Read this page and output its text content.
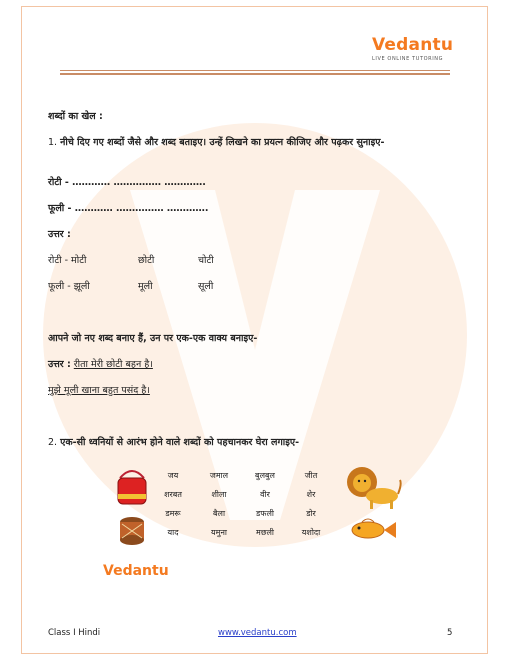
Vedantu
LIVE ONLINE TUTORING
शब्दों का खेल :
1. नीचे दिए गए शब्दों जैसे और शब्द बताइए। उन्हें लिखने का प्रयत्न कीजिए और पढ़कर सुनाइए-
रोटी - ………… …………… ………….
फूली - ………… …………… ………….
उत्तर :
रोटी - मोटी	छोटी	चोटी
फूली - झूली	मूली	सूली
आपने जो नए शब्द बनाए हैं, उन पर एक-एक वाक्य बनाइए-
उत्तर : रीता मेरी छोटी बहन है।
मुझे मूली खाना बहुत पसंद है।
2. एक-सी ध्वनियों से आरंभ होने वाले शब्दों को पहचानकर घेरा लगाइए-
जय	जमाल	बुलबुल	जीत
शरबत	शीला	वीर	शेर
डमरू	बैला	डफली	डोर
याद	यमुना	मछली	यशोदा
Vedantu
Class I Hindi	www.vedantu.com	5
